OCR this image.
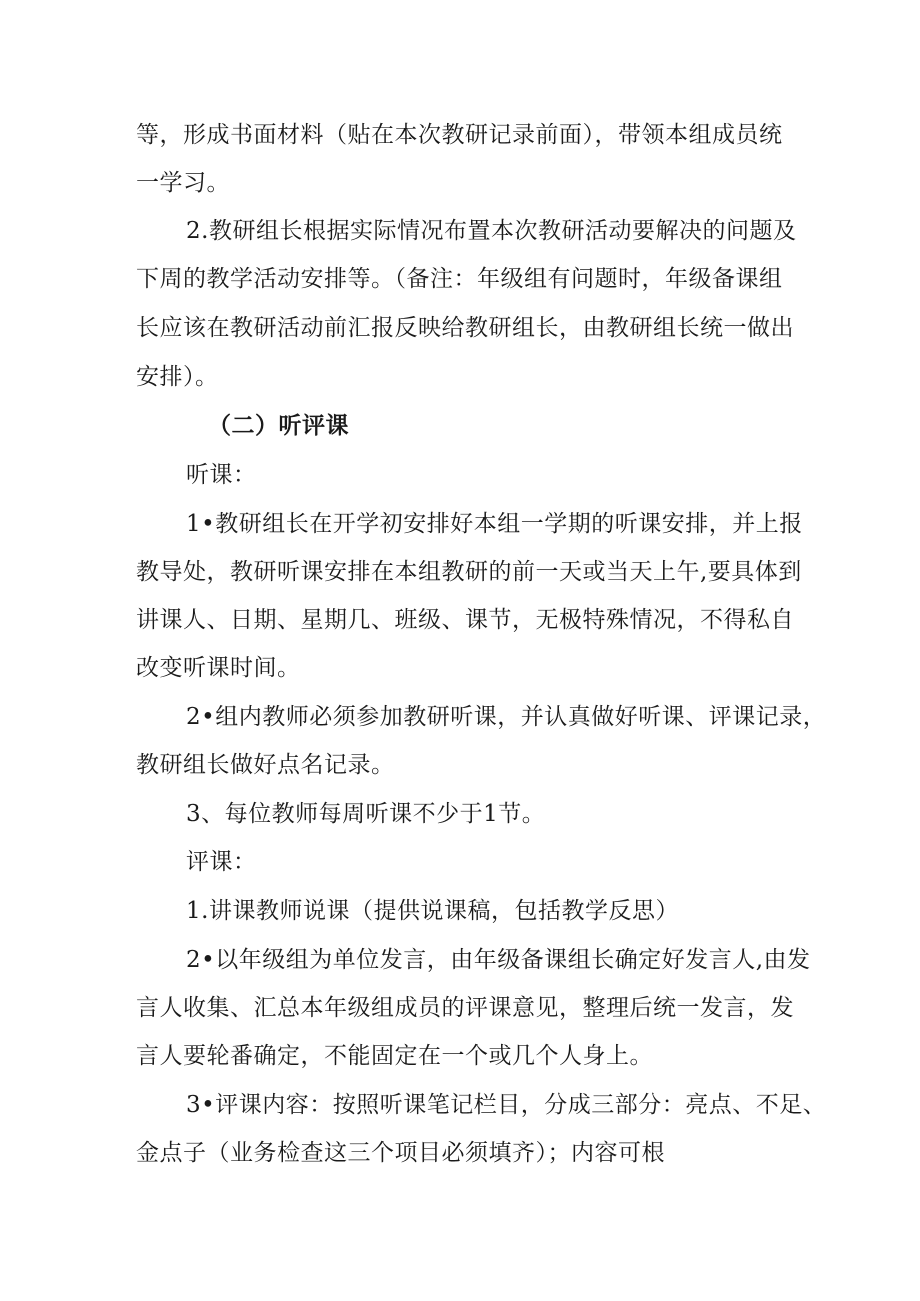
等，形成书面材料（贴在本次教研记录前面），带领本组成员统
一学习。
2.教研组长根据实际情况布置本次教研活动要解决的问题及
下周的教学活动安排等。（备注：年级组有问题时，年级备课组
长应该在教研活动前汇报反映给教研组长，由教研组长统一做出
安排）。
（二）听评课
听课：
1•教研组长在开学初安排好本组一学期的听课安排，并上报
教导处，教研听课安排在本组教研的前一天或当天上午,要具体到
讲课人、日期、星期几、班级、课节，无极特殊情况，不得私自
改变听课时间。
2•组内教师必须参加教研听课，并认真做好听课、评课记录，
教研组长做好点名记录。
3、每位教师每周听课不少于1节。
评课：
1.讲课教师说课（提供说课稿，包括教学反思）
2•以年级组为单位发言，由年级备课组长确定好发言人,由发
言人收集、汇总本年级组成员的评课意见，整理后统一发言，发
言人要轮番确定，不能固定在一个或几个人身上。
3•评课内容：按照听课笔记栏目，分成三部分：亮点、不足、
金点子（业务检查这三个项目必须填齐）；内容可根
